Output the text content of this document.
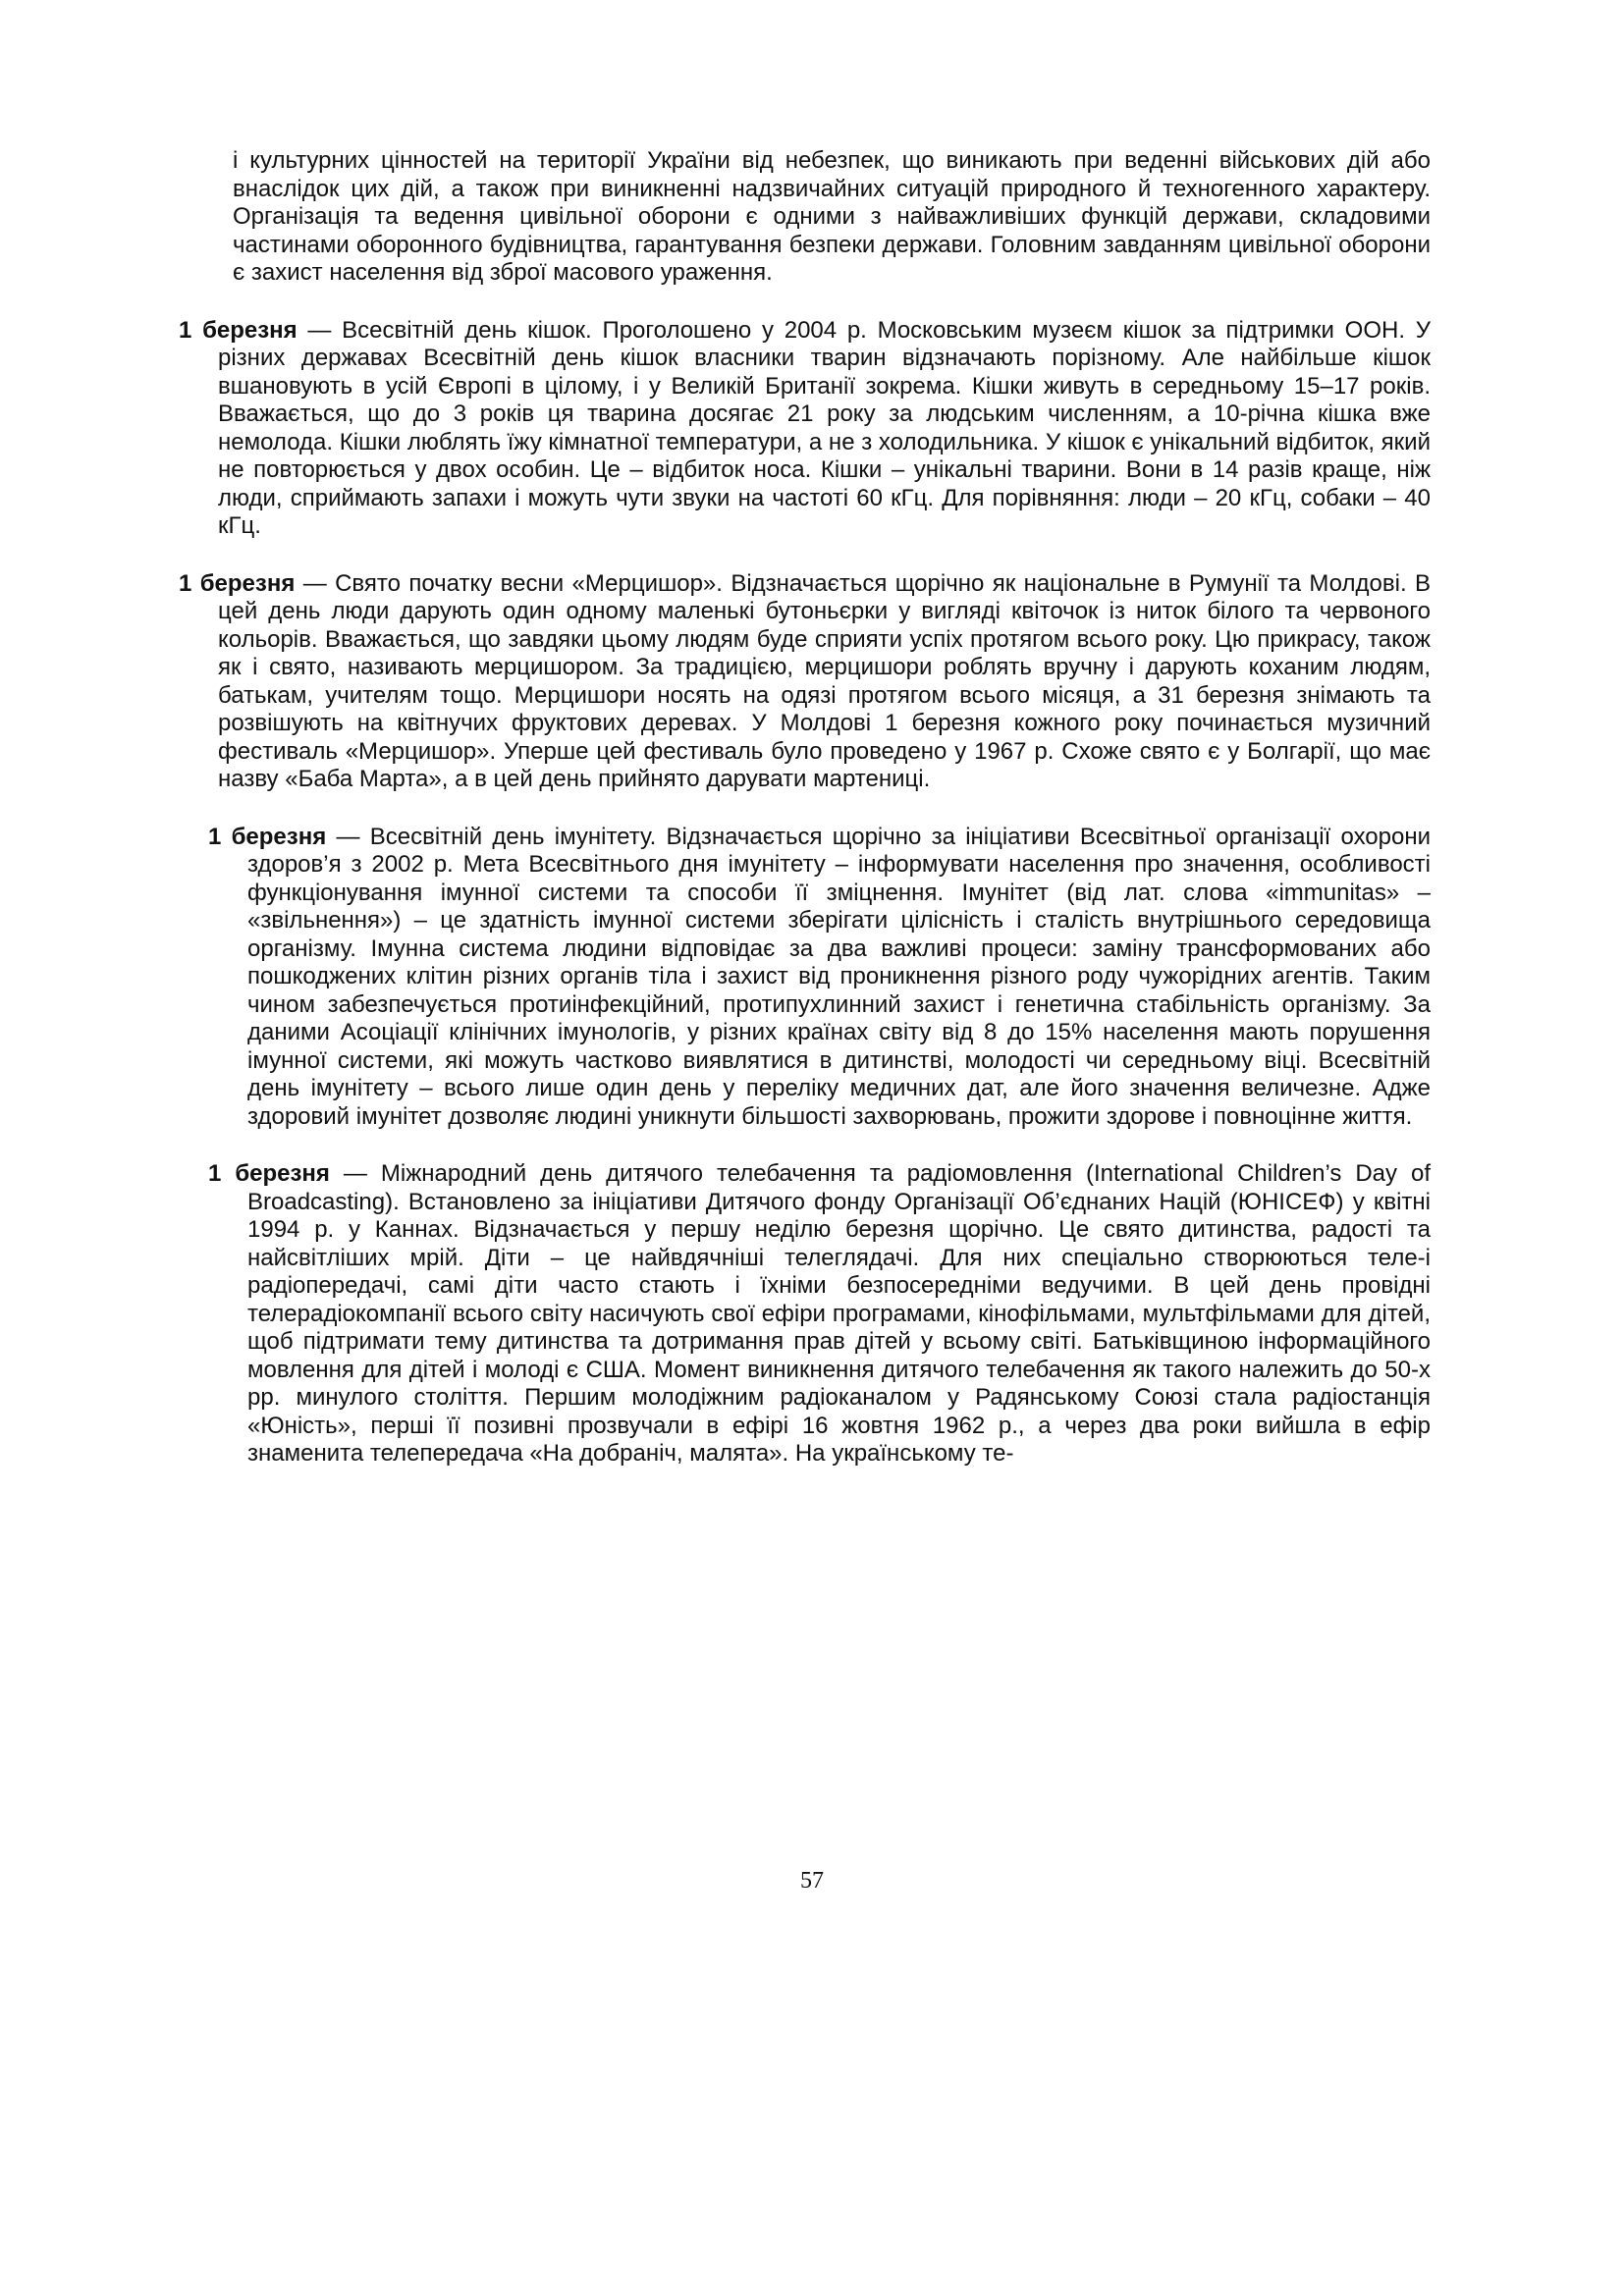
і культурних цінностей на території України від небезпек, що виникають при веденні військових дій або внаслідок цих дій, а також при виникненні надзвичайних ситуацій природного й техногенного характеру. Організація та ведення цивільної оборони є одними з найважливіших функцій держави, складовими частинами оборонного будівництва, гарантування безпеки держави. Головним завданням цивільної оборони є захист населення від зброї масового ураження.

1 березня — Всесвітній день кішок. Проголошено у 2004 р. Московським музеєм кішок за підтримки ООН. У різних державах Всесвітній день кішок власники тварин відзначають порізному. Але найбільше кішок вшановують в усій Європі в цілому, і у Великій Британії зокрема. Кішки живуть в середньому 15–17 років. Вважається, що до 3 років ця тварина досягає 21 року за людським численням, а 10-річна кішка вже немолода. Кішки люблять їжу кімнатної температури, а не з холодильника. У кішок є унікальний відбиток, який не повторюється у двох особин. Це – відбиток носа. Кішки – унікальні тварини. Вони в 14 разів краще, ніж люди, сприймають запахи і можуть чути звуки на частоті 60 кГц. Для порівняння: люди – 20 кГц, собаки – 40 кГц.

1 березня — Свято початку весни «Мерцишор». Відзначається щорічно як національне в Румунії та Молдові. В цей день люди дарують один одному маленькі бутоньєрки у вигляді квіточок із ниток білого та червоного кольорів. Вважається, що завдяки цьому людям буде сприяти успіх протягом всього року. Цю прикрасу, також як і свято, називають мерцишором. За традицією, мерцишори роблять вручну і дарують коханим людям, батькам, учителям тощо. Мерцишори носять на одязі протягом всього місяця, а 31 березня знімають та розвішують на квітнучих фруктових деревах. У Молдові 1 березня кожного року починається музичний фестиваль «Мерцишор». Уперше цей фестиваль було проведено у 1967 р. Схоже свято є у Болгарії, що має назву «Баба Марта», а в цей день прийнято дарувати мартениці.

1 березня — Всесвітній день імунітету. Відзначається щорічно за ініціативи Всесвітньої організації охорони здоров’я з 2002 р. Мета Всесвітнього дня імунітету – інформувати населення про значення, особливості функціонування імунної системи та способи її зміцнення. Імунітет (від лат. слова «immunitas» – «звільнення») – це здатність імунної системи зберігати цілісність і сталість внутрішнього середовища організму. Імунна система людини відповідає за два важливі процеси: заміну трансформованих або пошкоджених клітин різних органів тіла і захист від проникнення різного роду чужорідних агентів. Таким чином забезпечується протиінфекційний, протипухлинний захист і генетична стабільність організму. За даними Асоціації клінічних імунологів, у різних країнах світу від 8 до 15% населення мають порушення імунної системи, які можуть частково виявлятися в дитинстві, молодості чи середньому віці. Всесвітній день імунітету – всього лише один день у переліку медичних дат, але його значення величезне. Адже здоровий імунітет дозволяє людині уникнути більшості захворювань, прожити здорове і повноцінне життя.

1 березня — Міжнародний день дитячого телебачення та радіомовлення (International Children’s Day of Broadcasting). Встановлено за ініціативи Дитячого фонду Організації Об’єднаних Націй (ЮНІСЕФ) у квітні 1994 р. у Каннах. Відзначається у першу неділю березня щорічно. Це свято дитинства, радості та найсвітліших мрій. Діти – це найвдячніші телеглядачі. Для них спеціально створюються теле-і радіопередачі, самі діти часто стають і їхніми безпосередніми ведучими. В цей день провідні телерадіокомпанії всього світу насичують свої ефіри програмами, кінофільмами, мультфільмами для дітей, щоб підтримати тему дитинства та дотримання прав дітей у всьому світі. Батьківщиною інформаційного мовлення для дітей і молоді є США. Момент виникнення дитячого телебачення як такого належить до 50-х рр. минулого століття. Першим молодіжним радіоканалом у Радянському Союзі стала радіостанція «Юність», перші її позивні прозвучали в ефірі 16 жовтня 1962 р., а через два роки вийшла в ефір знаменита телепередача «На добраніч, малята». На українському те-

57
